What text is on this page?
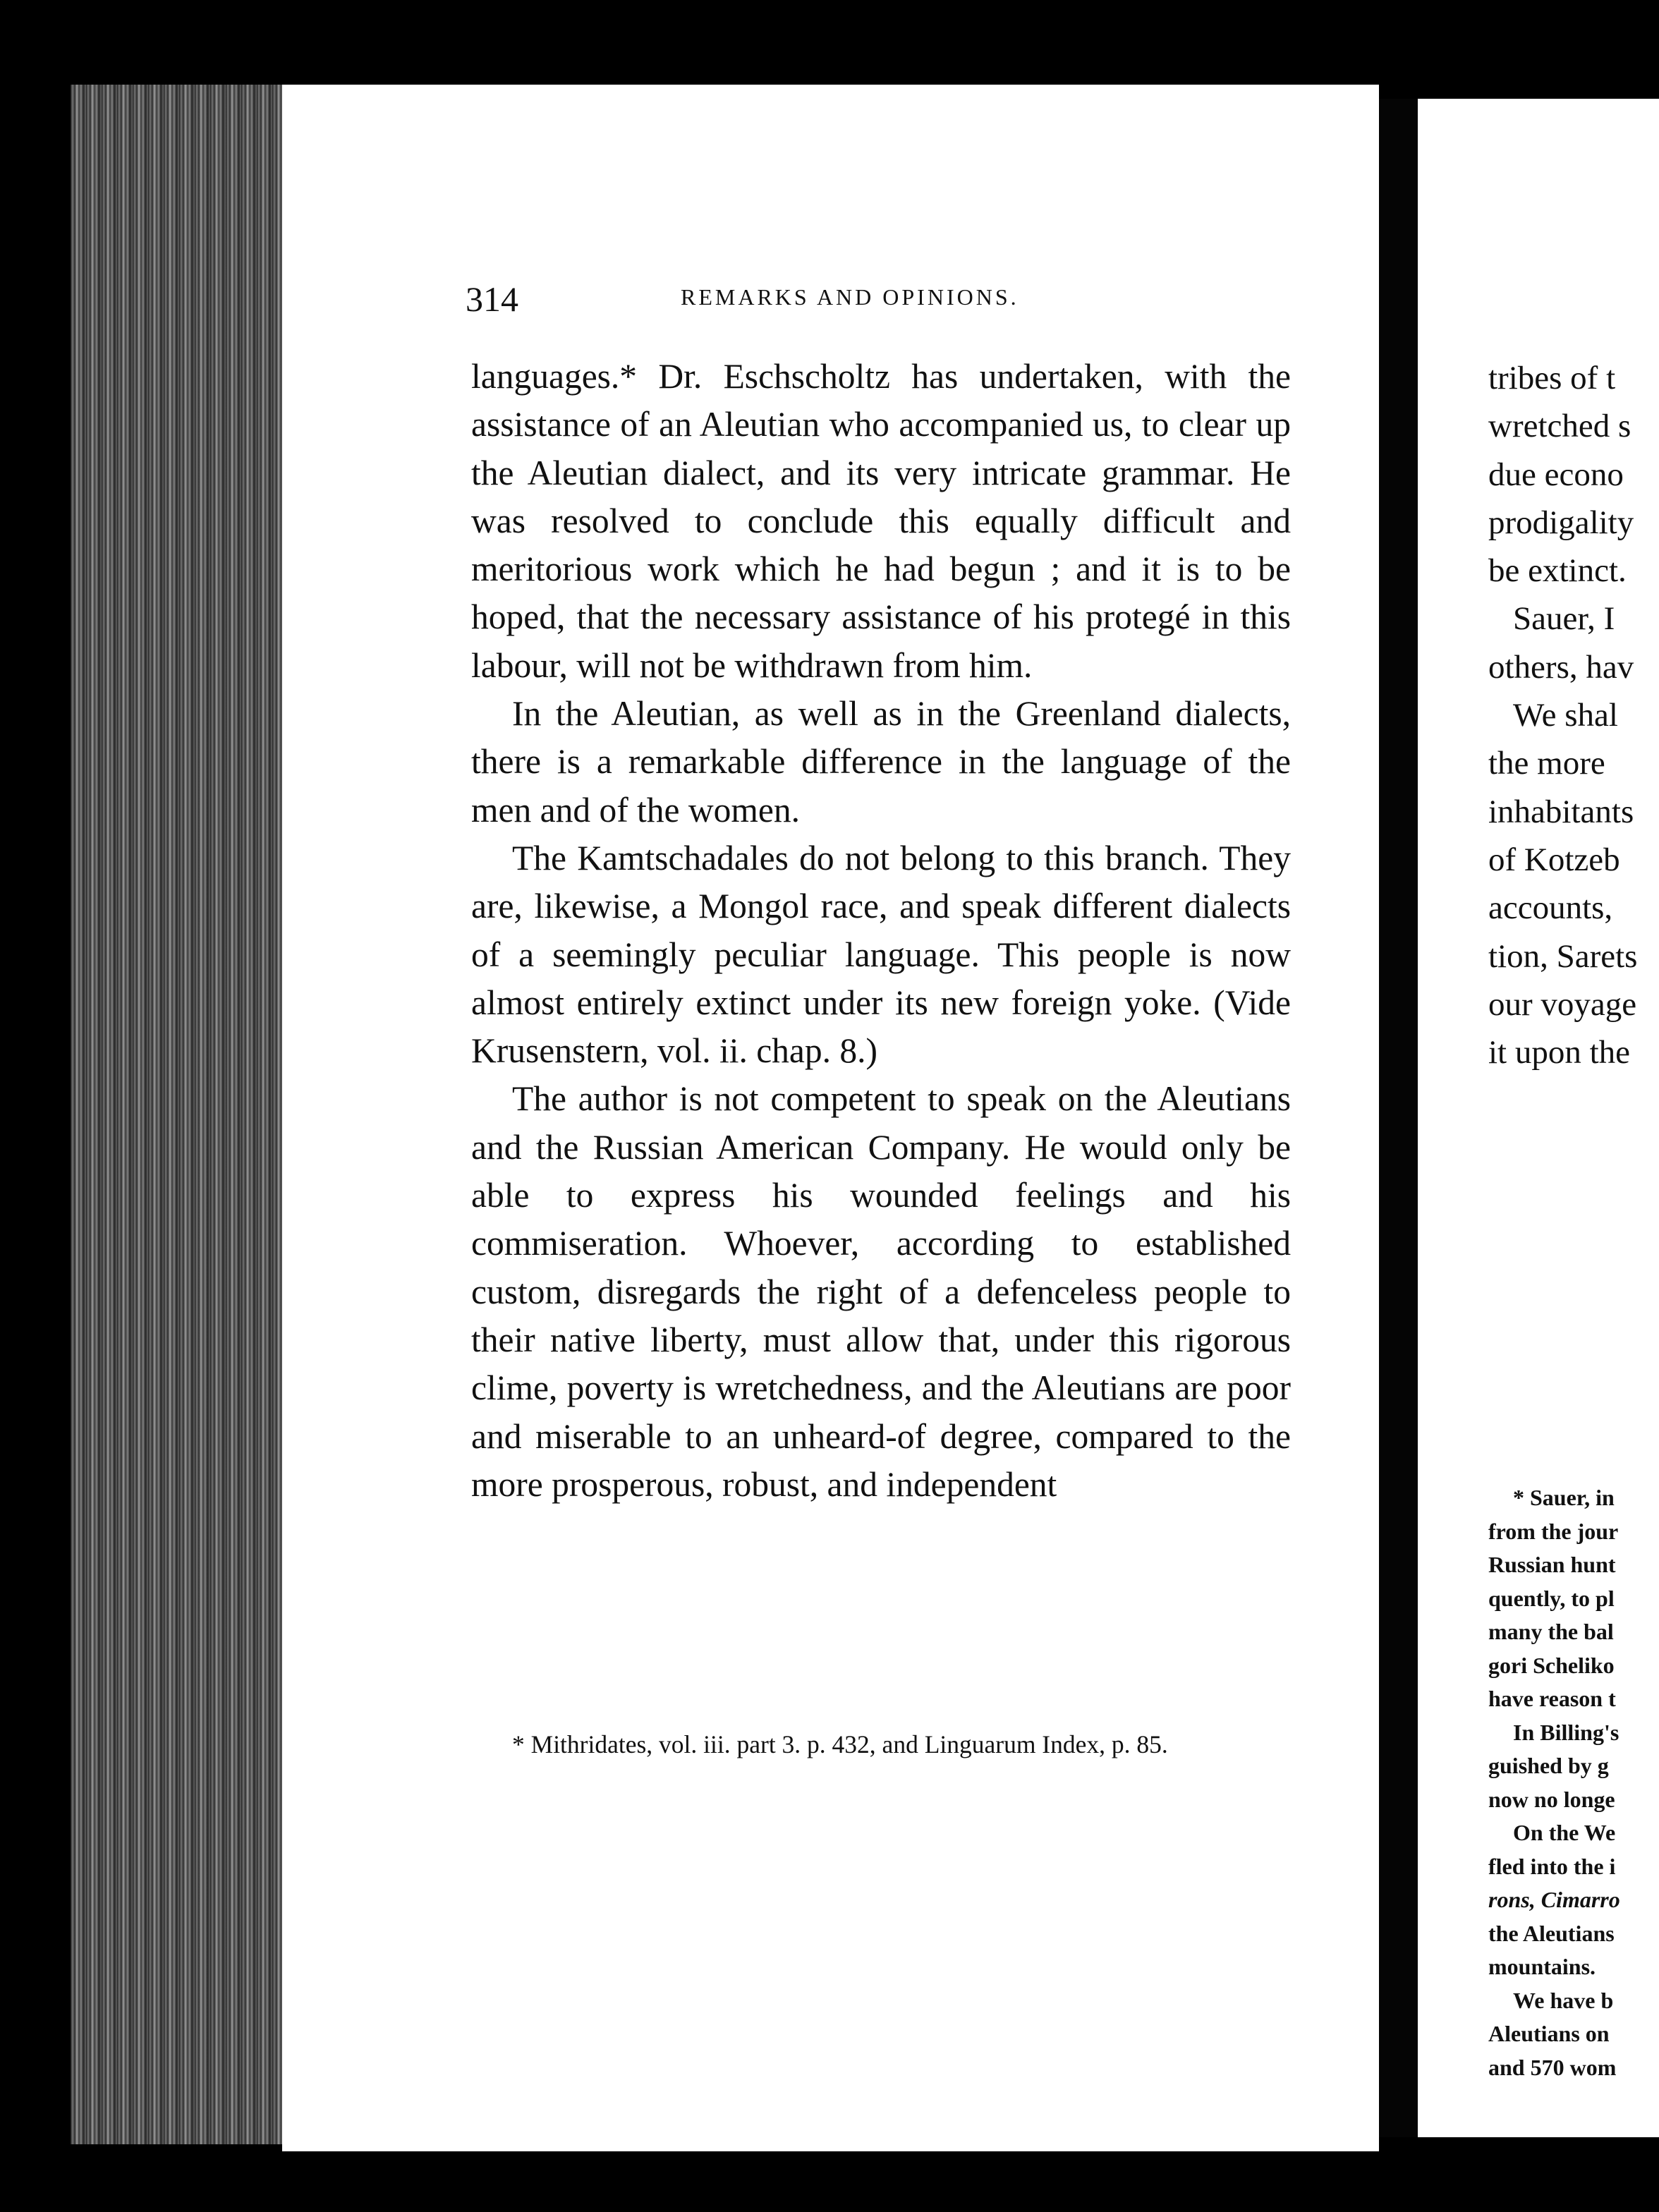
314	REMARKS AND OPINIONS.

languages.* Dr. Eschscholtz has undertaken, with the assistance of an Aleutian who accompanied us, to clear up the Aleutian dialect, and its very intricate grammar. He was resolved to conclude this equally difficult and meritorious work which he had begun ; and it is to be hoped, that the necessary assistance of his protegé in this labour, will not be withdrawn from him.

In the Aleutian, as well as in the Greenland dialects, there is a remarkable difference in the language of the men and of the women.

The Kamtschadales do not belong to this branch. They are, likewise, a Mongol race, and speak different dialects of a seemingly peculiar language. This people is now almost entirely extinct under its new foreign yoke. (Vide Krusenstern, vol. ii. chap. 8.)

The author is not competent to speak on the Aleutians and the Russian American Company. He would only be able to express his wounded feelings and his commiseration. Whoever, according to established custom, disregards the right of a defenceless people to their native liberty, must allow that, under this rigorous clime, poverty is wretchedness, and the Aleutians are poor and miserable to an unheard-of degree, compared to the more prosperous, robust, and independent

* Mithridates, vol. iii. part 3. p. 432, and Linguarum Index, p. 85.
tribes of t
wretched s
due econo
prodigality
be extinct.
Sauer, I
others, hav
We shal
the more
inhabitants
of Kotzeb
accounts,
tion, Sarets
our voyage
it upon the
* Sauer, in
from the jour
Russian hunt
quently, to pl
many the bal
gori Scheliko
have reason t
In Billing's
guished by g
now no longe
On the We
fled into the i
rons, Cimarro
the Aleutians
mountains.
We have b
Aleutians on
and 570 wom
